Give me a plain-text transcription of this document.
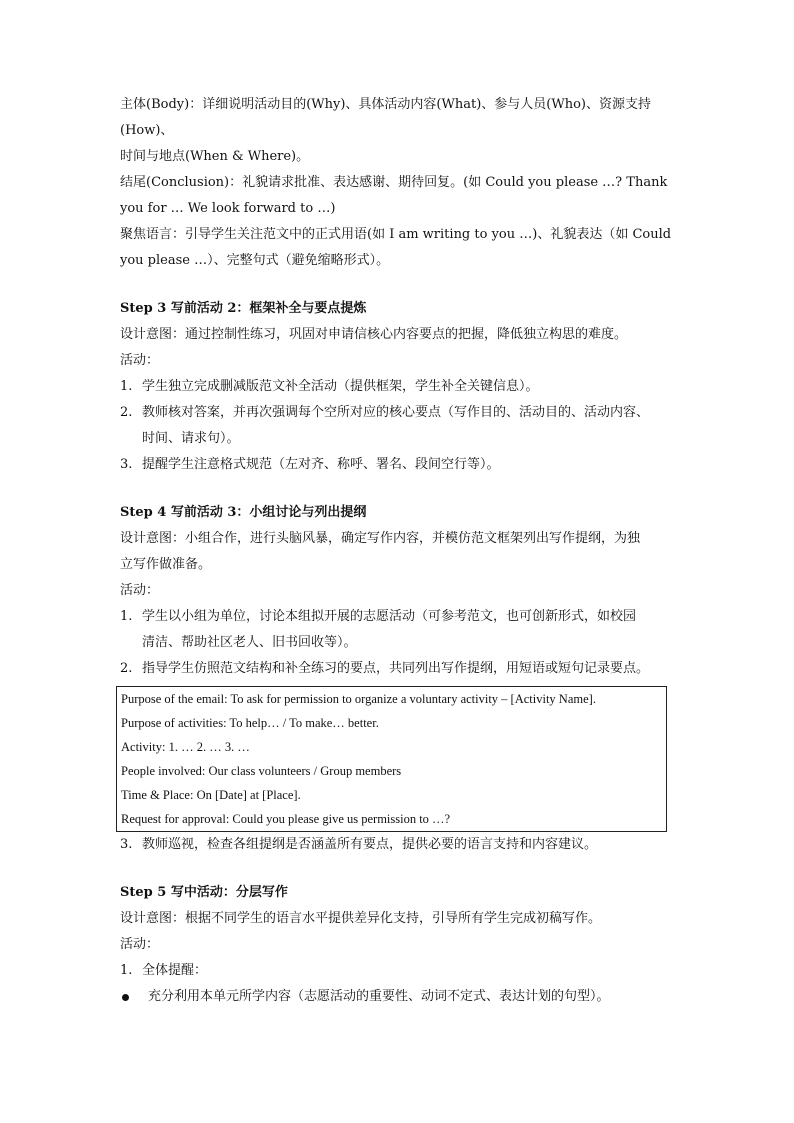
主体(Body)：详细说明活动目的(Why)、具体活动内容(What)、参与人员(Who)、资源支持(How)、

时间与地点(When & Where)。

结尾(Conclusion)：礼貌请求批准、表达感谢、期待回复。(如 Could you please …? Thank

you for … We look forward to …)

聚焦语言：引导学生关注范文中的正式用语(如 I am writing to you …)、礼貌表达（如 Could

you please …）、完整句式（避免缩略形式）。

Step 3 写前活动 2：框架补全与要点提炼

设计意图：通过控制性练习，巩固对申请信核心内容要点的把握，降低独立构思的难度。

活动：

1. 学生独立完成删减版范文补全活动（提供框架，学生补全关键信息）。
2. 教师核对答案，并再次强调每个空所对应的核心要点（写作目的、活动目的、活动内容、
时间、请求句）。
3. 提醒学生注意格式规范（左对齐、称呼、署名、段间空行等）。

Step 4 写前活动 3：小组讨论与列出提纲

设计意图：小组合作，进行头脑风暴，确定写作内容，并模仿范文框架列出写作提纲，为独

立写作做准备。

活动：

1. 学生以小组为单位，讨论本组拟开展的志愿活动（可参考范文，也可创新形式，如校园
清洁、帮助社区老人、旧书回收等）。
2. 指导学生仿照范文结构和补全练习的要点，共同列出写作提纲，用短语或短句记录要点。
Purpose of the email: To ask for permission to organize a voluntary activity – [Activity Name].
Purpose of activities: To help… / To make… better.
Activity: 1. … 2. … 3. …
People involved: Our class volunteers / Group members
Time & Place: On [Date] at [Place].
Request for approval: Could you please give us permission to …?
3. 教师巡视，检查各组提纲是否涵盖所有要点，提供必要的语言支持和内容建议。

Step 5 写中活动：分层写作

设计意图：根据不同学生的语言水平提供差异化支持，引导所有学生完成初稿写作。

活动：

1. 全体提醒：
充分利用本单元所学内容（志愿活动的重要性、动词不定式、表达计划的句型）。
